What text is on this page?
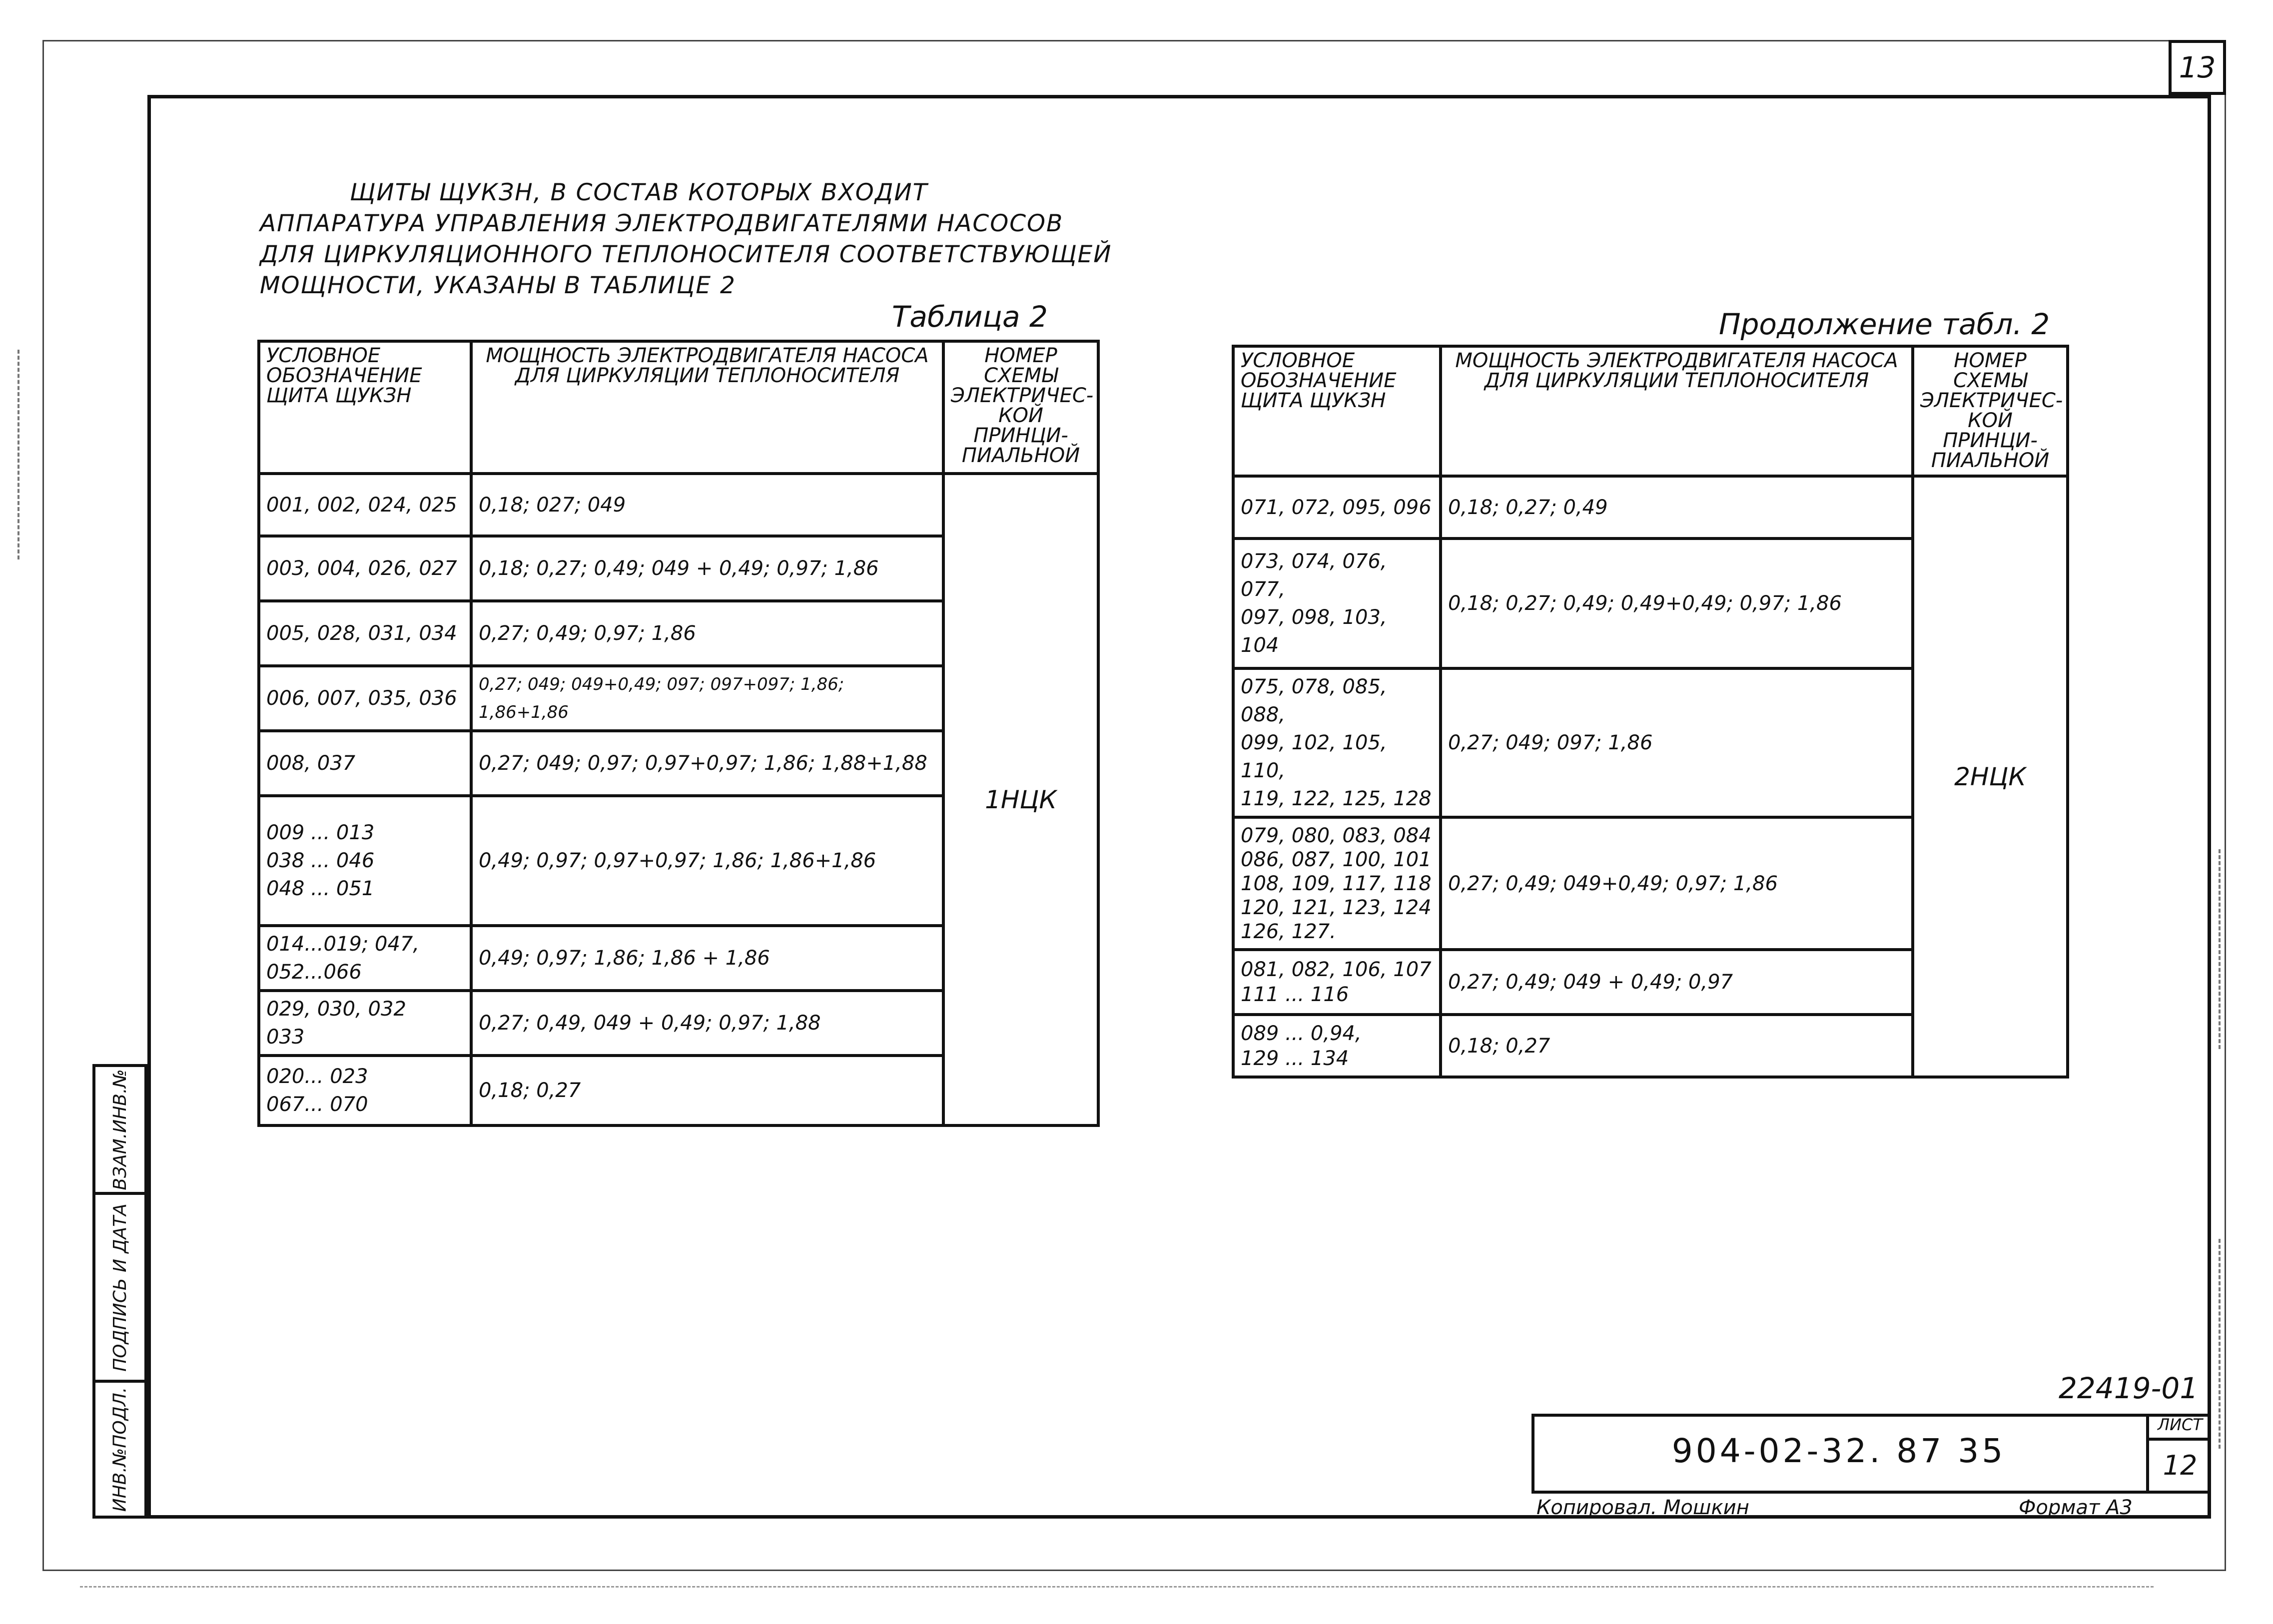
13
ЩИТЫ ЩУКЗН, В СОСТАВ КОТОРЫХ ВХОДИТ
АППАРАТУРА УПРАВЛЕНИЯ ЭЛЕКТРОДВИГАТЕЛЯМИ НАСОСОВ
ДЛЯ ЦИРКУЛЯЦИОННОГО ТЕПЛОНОСИТЕЛЯ СООТВЕТСТВУЮЩЕЙ
МОЩНОСТИ, УКАЗАНЫ В ТАБЛИЦЕ 2
Таблица 2
УСЛОВНОЕ ОБОЗНАЧЕНИЕ ЩИТА ЩУКЗН	МОЩНОСТЬ ЭЛЕКТРОДВИГАТЕЛЯ НАСОСА ДЛЯ ЦИРКУЛЯЦИИ ТЕПЛОНОСИТЕЛЯ	НОМЕР СХЕМЫ ЭЛЕКТРИЧЕС-КОЙ ПРИНЦИ-ПИАЛЬНОЙ
001, 002, 024, 025	0,18; 027; 049	1НЦК
003, 004, 026, 027	0,18; 0,27; 0,49; 049 + 0,49; 0,97; 1,86	
005, 028, 031, 034	0,27; 0,49; 0,97; 1,86	
006, 007, 035, 036	0,27; 049; 049+0,49; 097; 097+097; 1,86; 1,86+1,86	
008, 037	0,27; 049; 0,97; 0,97+0,97; 1,86; 1,88+1,88	
009 ... 013
038 ... 046
048 ... 051	0,49; 0,97; 0,97+0,97; 1,86; 1,86+1,86	
014...019; 047,
052...066	0,49; 0,97; 1,86; 1,86 + 1,86	
029, 030, 032
033	0,27; 0,49, 049 + 0,49; 0,97; 1,88	
020... 023
067... 070	0,18; 0,27	
Продолжение табл. 2
УСЛОВНОЕ ОБОЗНАЧЕНИЕ ЩИТА ЩУКЗН	МОЩНОСТЬ ЭЛЕКТРОДВИГАТЕЛЯ НАСОСА ДЛЯ ЦИРКУЛЯЦИИ ТЕПЛОНОСИТЕЛЯ	НОМЕР СХЕМЫ ЭЛЕКТРИЧЕС-КОЙ ПРИНЦИ-ПИАЛЬНОЙ
071, 072, 095, 096	0,18; 0,27; 0,49	2НЦК
073, 074, 076, 077,
097, 098, 103,
104	0,18; 0,27; 0,49; 0,49+0,49; 0,97; 1,86	
075, 078, 085, 088,
099, 102, 105, 110,
119, 122, 125, 128	0,27; 049; 097; 1,86	
079, 080, 083, 084
086, 087, 100, 101
108, 109, 117, 118
120, 121, 123, 124
126, 127.	0,27; 0,49; 049+0,49; 0,97; 1,86	
081, 082, 106, 107
111 ... 116	0,27; 0,49; 049 + 0,49; 0,97	
089 ... 0,94,
129 ... 134	0,18; 0,27	
ВЗАМ.ИНВ.№
ПОДПИСЬ И ДАТА
ИНВ.№ПОДЛ.	22419-01
904-02-32. 87 35
ЛИСТ
12
Копировал. Мошкин	Формат А3
